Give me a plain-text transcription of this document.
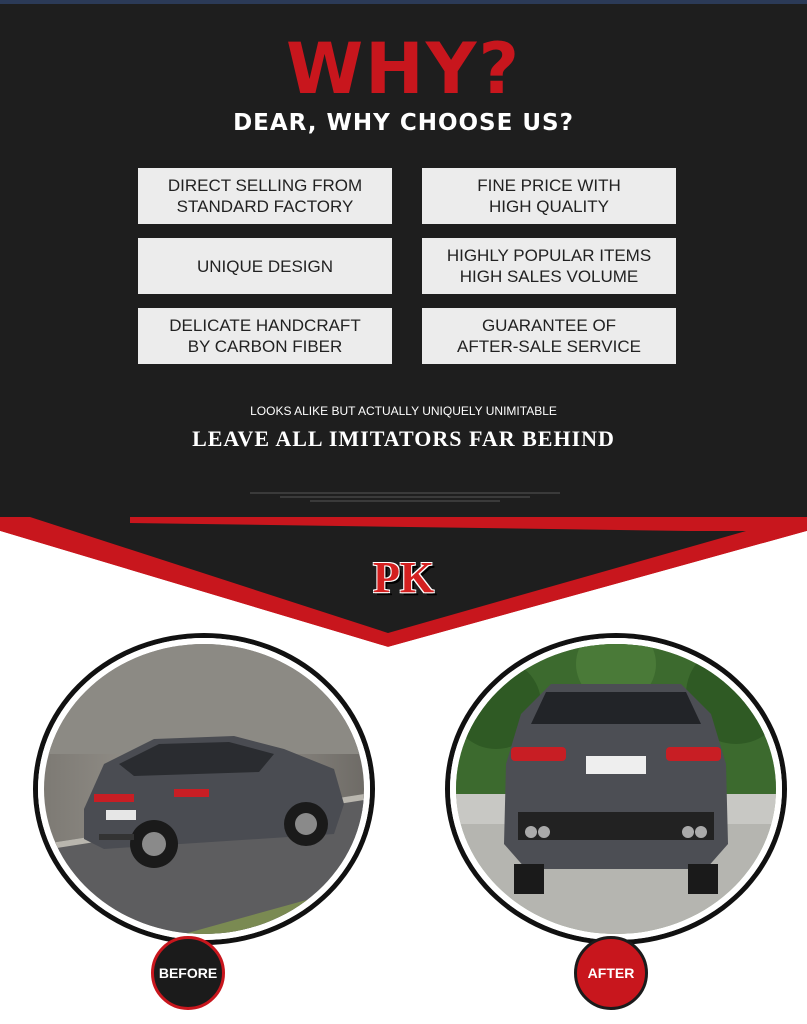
WHY?
DEAR, WHY CHOOSE US?
DIRECT SELLING FROM
STANDARD FACTORY
FINE PRICE WITH
HIGH QUALITY
UNIQUE DESIGN
HIGHLY POPULAR ITEMS
HIGH SALES VOLUME
DELICATE HANDCRAFT
BY CARBON FIBER
GUARANTEE OF
AFTER-SALE SERVICE
LOOKS ALIKE BUT ACTUALLY UNIQUELY UNIMITABLE
LEAVE ALL IMITATORS FAR BEHIND
PK
BEFORE	AFTER
